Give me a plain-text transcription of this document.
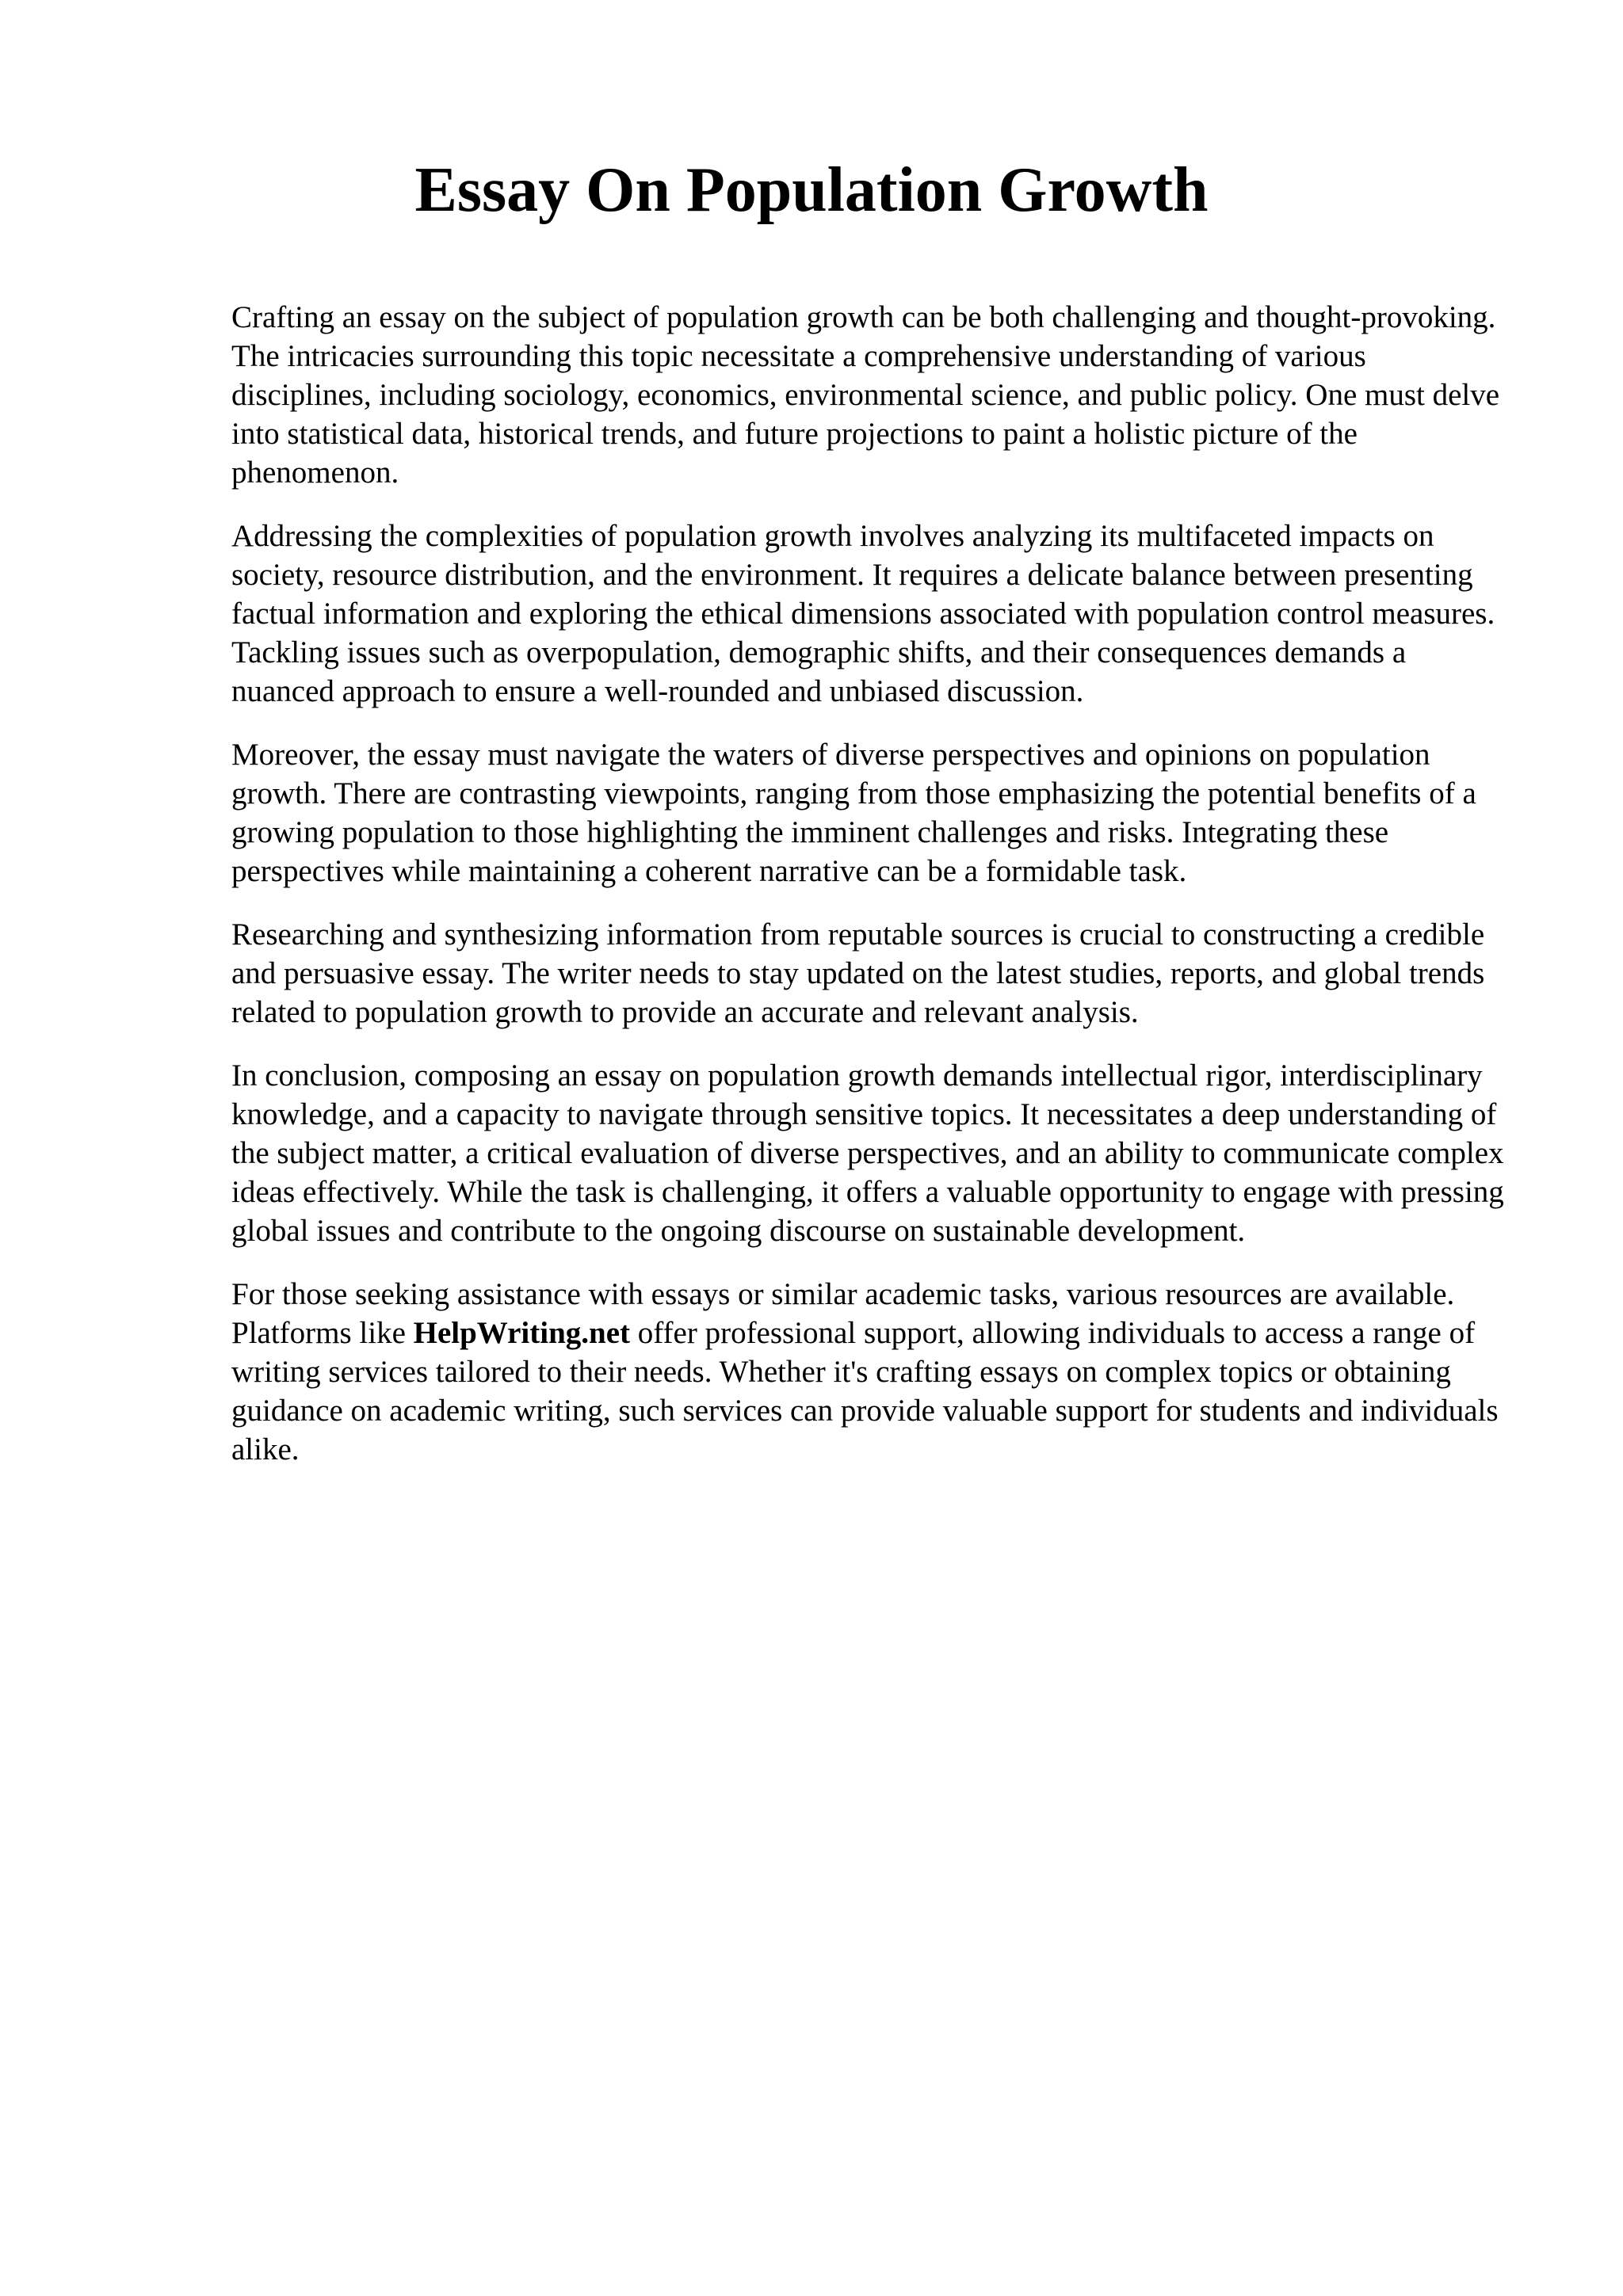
Essay On Population Growth

Crafting an essay on the subject of population growth can be both challenging and thought-provoking. The intricacies surrounding this topic necessitate a comprehensive understanding of various disciplines, including sociology, economics, environmental science, and public policy. One must delve into statistical data, historical trends, and future projections to paint a holistic picture of the phenomenon.

Addressing the complexities of population growth involves analyzing its multifaceted impacts on society, resource distribution, and the environment. It requires a delicate balance between presenting factual information and exploring the ethical dimensions associated with population control measures. Tackling issues such as overpopulation, demographic shifts, and their consequences demands a nuanced approach to ensure a well-rounded and unbiased discussion.

Moreover, the essay must navigate the waters of diverse perspectives and opinions on population growth. There are contrasting viewpoints, ranging from those emphasizing the potential benefits of a growing population to those highlighting the imminent challenges and risks. Integrating these perspectives while maintaining a coherent narrative can be a formidable task.

Researching and synthesizing information from reputable sources is crucial to constructing a credible and persuasive essay. The writer needs to stay updated on the latest studies, reports, and global trends related to population growth to provide an accurate and relevant analysis.

In conclusion, composing an essay on population growth demands intellectual rigor, interdisciplinary knowledge, and a capacity to navigate through sensitive topics. It necessitates a deep understanding of the subject matter, a critical evaluation of diverse perspectives, and an ability to communicate complex ideas effectively. While the task is challenging, it offers a valuable opportunity to engage with pressing global issues and contribute to the ongoing discourse on sustainable development.

For those seeking assistance with essays or similar academic tasks, various resources are available. Platforms like HelpWriting.net offer professional support, allowing individuals to access a range of writing services tailored to their needs. Whether it's crafting essays on complex topics or obtaining guidance on academic writing, such services can provide valuable support for students and individuals alike.
